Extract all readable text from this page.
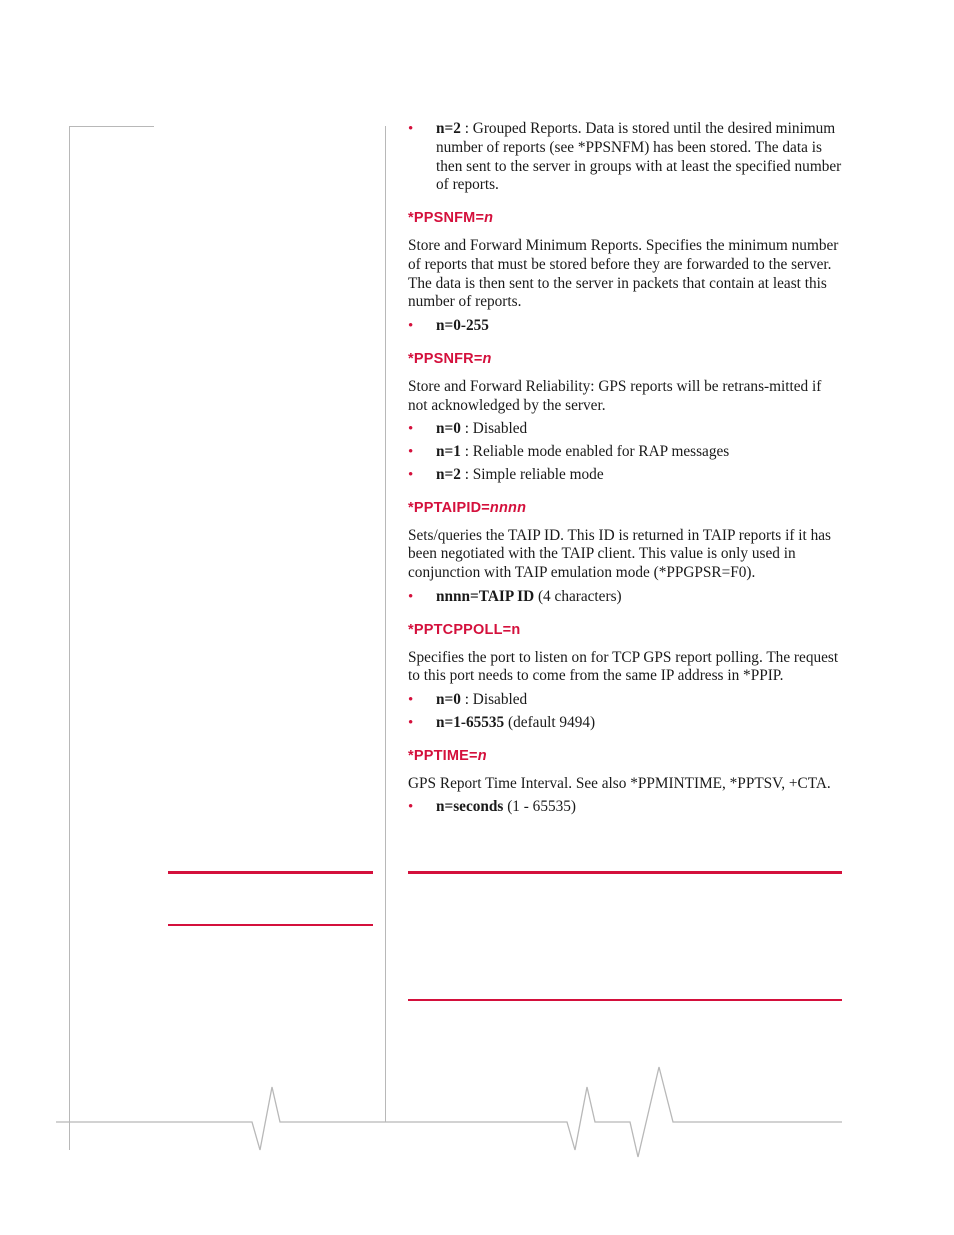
• n=2 : Grouped Reports. Data is stored until the desired minimum number of reports (see *PPSNFM) has been stored. The data is then sent to the server in groups with at least the specified number of reports.
*PPSNFM=n
Store and Forward Minimum Reports. Specifies the minimum number of reports that must be stored before they are forwarded to the server. The data is then sent to the server in packets that contain at least this number of reports.
• n=0-255
*PPSNFR=n
Store and Forward Reliability: GPS reports will be retrans-mitted if not acknowledged by the server.
• n=0 : Disabled
• n=1 : Reliable mode enabled for RAP messages
• n=2 : Simple reliable mode
*PPTAIPID=nnnn
Sets/queries the TAIP ID. This ID is returned in TAIP reports if it has been negotiated with the TAIP client. This value is only used in conjunction with TAIP emulation mode (*PPGPSR=F0).
• nnnn=TAIP ID (4 characters)
*PPTCPPOLL=n
Specifies the port to listen on for TCP GPS report polling. The request to this port needs to come from the same IP address in *PPIP.
• n=0 : Disabled
• n=1-65535 (default 9494)
*PPTIME=n
GPS Report Time Interval. See also *PPMINTIME, *PPTSV, +CTA.
• n=seconds (1 - 65535)
